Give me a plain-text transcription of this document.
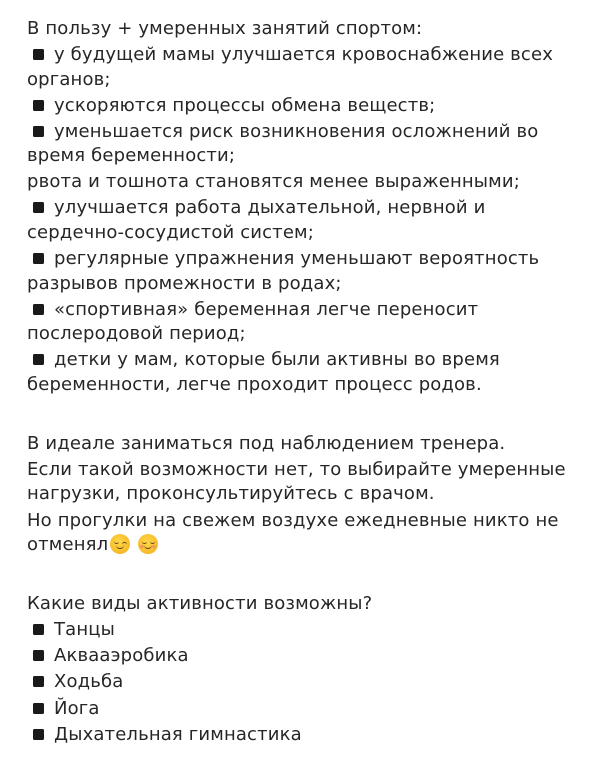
В пользу + умеренных занятий спортом:
у будущей мамы улучшается кровоснабжение всех органов;
ускоряются процессы обмена веществ;
уменьшается риск возникновения осложнений во время беременности;
рвота и тошнота становятся менее выраженными;
улучшается работа дыхательной, нервной и сердечно-сосудистой систем;
регулярные упражнения уменьшают вероятность разрывов промежности в родах;
«спортивная» беременная легче переносит послеродовой период;
детки у мам, которые были активны во время беременности, легче проходит процесс родов.
В идеале заниматься под наблюдением тренера.
Если такой возможности нет, то выбирайте умеренные нагрузки, проконсультируйтесь с врачом.
Но прогулки на свежем воздухе ежедневные никто не отменял

Какие виды активности возможны?
Танцы
Аквааэробика
Ходьба
Йога
Дыхательная гимнастика
